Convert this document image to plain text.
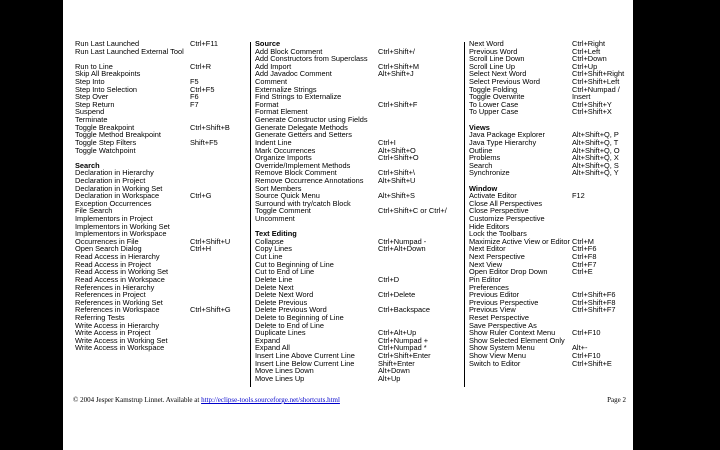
Run Last Launched	Ctrl+F11
Run Last Launched External Tool
Run to Line	Ctrl+R
Skip All Breakpoints
Step Into	F5
Step Into Selection	Ctrl+F5
Step Over	F6
Step Return	F7
Suspend
Terminate
Toggle Breakpoint	Ctrl+Shift+B
Toggle Method Breakpoint
Toggle Step Filters	Shift+F5
Toggle Watchpoint
Search
Declaration in Hierarchy
Declaration in Project
Declaration in Working Set
Declaration in Workspace	Ctrl+G
Exception Occurrences
File Search
Implementors in Project
Implementors in Working Set
Implementors in Workspace
Occurrences in File	Ctrl+Shift+U
Open Search Dialog	Ctrl+H
Read Access in Hierarchy
Read Access in Project
Read Access in Working Set
Read Access in Workspace
References in Hierarchy
References in Project
References in Working Set
References in Workspace	Ctrl+Shift+G
Referring Tests
Write Access in Hierarchy
Write Access in Project
Write Access in Working Set
Write Access in Workspace
Source
Add Block Comment	Ctrl+Shift+/
Add Constructors from Superclass
Add Import	Ctrl+Shift+M
Add Javadoc Comment	Alt+Shift+J
Comment
Externalize Strings
Find Strings to Externalize
Format	Ctrl+Shift+F
Format Element
Generate Constructor using Fields
Generate Delegate Methods
Generate Getters and Setters
Indent Line	Ctrl+I
Mark Occurrences	Alt+Shift+O
Organize Imports	Ctrl+Shift+O
Override/Implement Methods
Remove Block Comment	Ctrl+Shift+\
Remove Occurrence Annotations Alt+Shift+U
Sort Members
Source Quick Menu	Alt+Shift+S
Surround with try/catch Block
Toggle Comment	Ctrl+Shift+C or Ctrl+/
Uncomment
Text Editing
Collapse	Ctrl+Numpad -
Copy Lines	Ctrl+Alt+Down
Cut Line
Cut to Beginning of Line
Cut to End of Line
Delete Line	Ctrl+D
Delete Next
Delete Next Word	Ctrl+Delete
Delete Previous
Delete Previous Word	Ctrl+Backspace
Delete to Beginning of Line
Delete to End of Line
Duplicate Lines	Ctrl+Alt+Up
Expand	Ctrl+Numpad +
Expand All	Ctrl+Numpad *
Insert Line Above Current Line	Ctrl+Shift+Enter
Insert Line Below Current Line	Shift+Enter
Move Lines Down	Alt+Down
Move Lines Up	Alt+Up
Next Word	Ctrl+Right
Previous Word	Ctrl+Left
Scroll Line Down	Ctrl+Down
Scroll Line Up	Ctrl+Up
Select Next Word	Ctrl+Shift+Right
Select Previous Word	Ctrl+Shift+Left
Toggle Folding	Ctrl+Numpad /
Toggle Overwrite	Insert
To Lower Case	Ctrl+Shift+Y
To Upper Case	Ctrl+Shift+X
Views
Java Package Explorer	Alt+Shift+Q, P
Java Type Hierarchy	Alt+Shift+Q, T
Outline	Alt+Shift+Q, O
Problems	Alt+Shift+Q, X
Search	Alt+Shift+Q, S
Synchronize	Alt+Shift+Q, Y
Window
Activate Editor	F12
Close All Perspectives
Close Perspective
Customize Perspective
Hide Editors
Lock the Toolbars
Maximize Active View or Editor Ctrl+M
Next Editor	Ctrl+F6
Next Perspective	Ctrl+F8
Next View	Ctrl+F7
Open Editor Drop Down	Ctrl+E
Pin Editor
Preferences
Previous Editor	Ctrl+Shift+F6
Previous Perspective	Ctrl+Shift+F8
Previous View	Ctrl+Shift+F7
Reset Perspective
Save Perspective As
Show Ruler Context Menu Ctrl+F10
Show Selected Element Only
Show System Menu	Alt+-
Show View Menu	Ctrl+F10
Switch to Editor	Ctrl+Shift+E
© 2004 Jesper Kamstrup Linnet. Available at http://eclipse-tools.sourceforge.net/shortcuts.html	Page 2
